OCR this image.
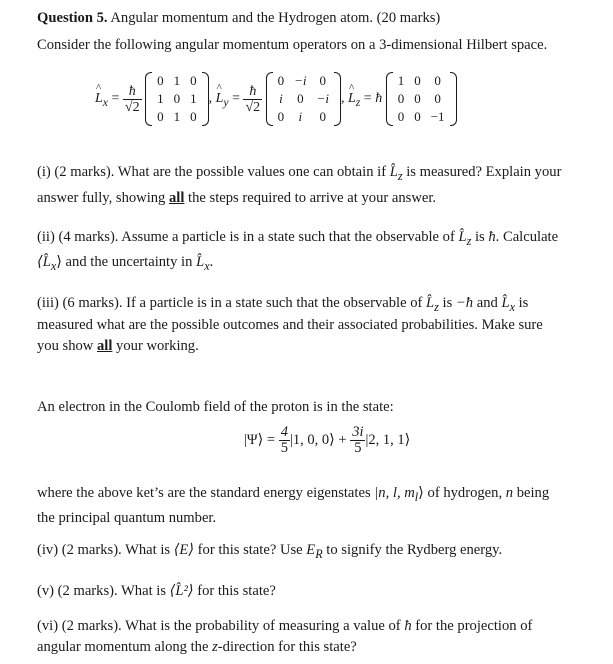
Question 5. Angular momentum and the Hydrogen atom. (20 marks)
Consider the following angular momentum operators on a 3-dimensional Hilbert space.
^ $L_x = \frac{ħ}{√2}$

0	1	0
1	0	1
0	1	0
, ^ $L_y = \frac{ħ}{√2}$

0	−i	0
i	0	−i
0	i	0
, ^ $L_z$ = ħ
1	0	0
0	0	0
0	0	−1
(i) (2 marks). What are the possible values one can obtain if $L̂_z$ is measured? Explain your
answer fully, showing all the steps required to arrive at your answer.
(ii) (4 marks). Assume a particle is in a state such that the observable of $L̂_z$ is ħ. Calculate
$⟨L̂_x⟩$ and the uncertainty in $L̂_x$.
(iii) (6 marks). If a particle is in a state such that the observable of $L̂_z$ is −ħ and $L̂_x$ is
measured what are the possible outcomes and their associated probabilities. Make sure
you show all your working.
An electron in the Coulomb field of the proton is in the state:
|Ψ⟩ = $\frac{4}{5} |1$, 0, 0⟩ + $\frac{3i}{5} |2$, 1, 1⟩
where the above ket’s are the standard energy eigenstates |n, l, $m_l⟩$ of hydrogen, n being
the principal quantum number.
(iv) (2 marks). What is ⟨E⟩ for this state? Use $E_R$ to signify the Rydberg energy.
(v) (2 marks). What is ⟨L̂²⟩ for this state?
(vi) (2 marks). What is the probability of measuring a value of ħ for the projection of
angular momentum along the z-direction for this state?
